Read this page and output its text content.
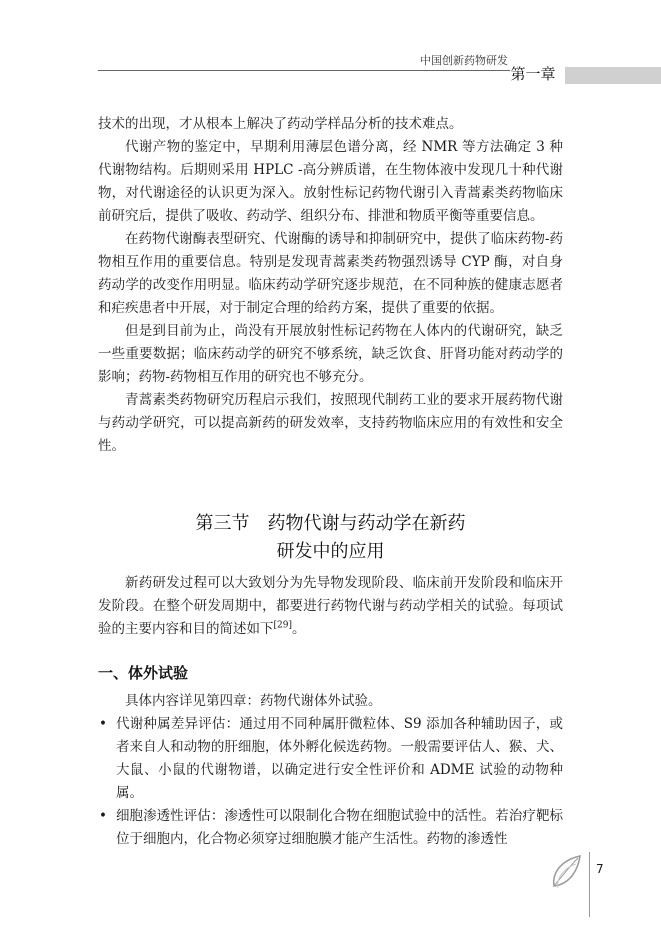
中国创新药物研发
第一章

技术的出现，才从根本上解决了药动学样品分析的技术难点。

代谢产物的鉴定中，早期利用薄层色谱分离，经 NMR 等方法确定 3 种代谢物结构。后期则采用 HPLC -高分辨质谱，在生物体液中发现几十种代谢物，对代谢途径的认识更为深入。放射性标记药物代谢引入青蒿素类药物临床前研究后，提供了吸收、药动学、组织分布、排泄和物质平衡等重要信息。

在药物代谢酶表型研究、代谢酶的诱导和抑制研究中，提供了临床药物-药物相互作用的重要信息。特别是发现青蒿素类药物强烈诱导 CYP 酶，对自身药动学的改变作用明显。临床药动学研究逐步规范，在不同种族的健康志愿者和疟疾患者中开展，对于制定合理的给药方案，提供了重要的依据。

但是到目前为止，尚没有开展放射性标记药物在人体内的代谢研究，缺乏一些重要数据；临床药动学的研究不够系统，缺乏饮食、肝肾功能对药动学的影响；药物-药物相互作用的研究也不够充分。

青蒿素类药物研究历程启示我们，按照现代制药工业的要求开展药物代谢与药动学研究，可以提高新药的研发效率，支持药物临床应用的有效性和安全性。

第三节　药物代谢与药动学在新药
研发中的应用

新药研发过程可以大致划分为先导物发现阶段、临床前开发阶段和临床开发阶段。在整个研发周期中，都要进行药物代谢与药动学相关的试验。每项试验的主要内容和目的简述如下[29]。

一、体外试验

具体内容详见第四章：药物代谢体外试验。

• 代谢种属差异评估：通过用不同种属肝微粒体、S9 添加各种辅助因子，或者来自人和动物的肝细胞，体外孵化候选药物。一般需要评估人、猴、犬、大鼠、小鼠的代谢物谱，以确定进行安全性评价和 ADME 试验的动物种属。

• 细胞渗透性评估：渗透性可以限制化合物在细胞试验中的活性。若治疗靶标位于细胞内，化合物必须穿过细胞膜才能产生活性。药物的渗透性

7
